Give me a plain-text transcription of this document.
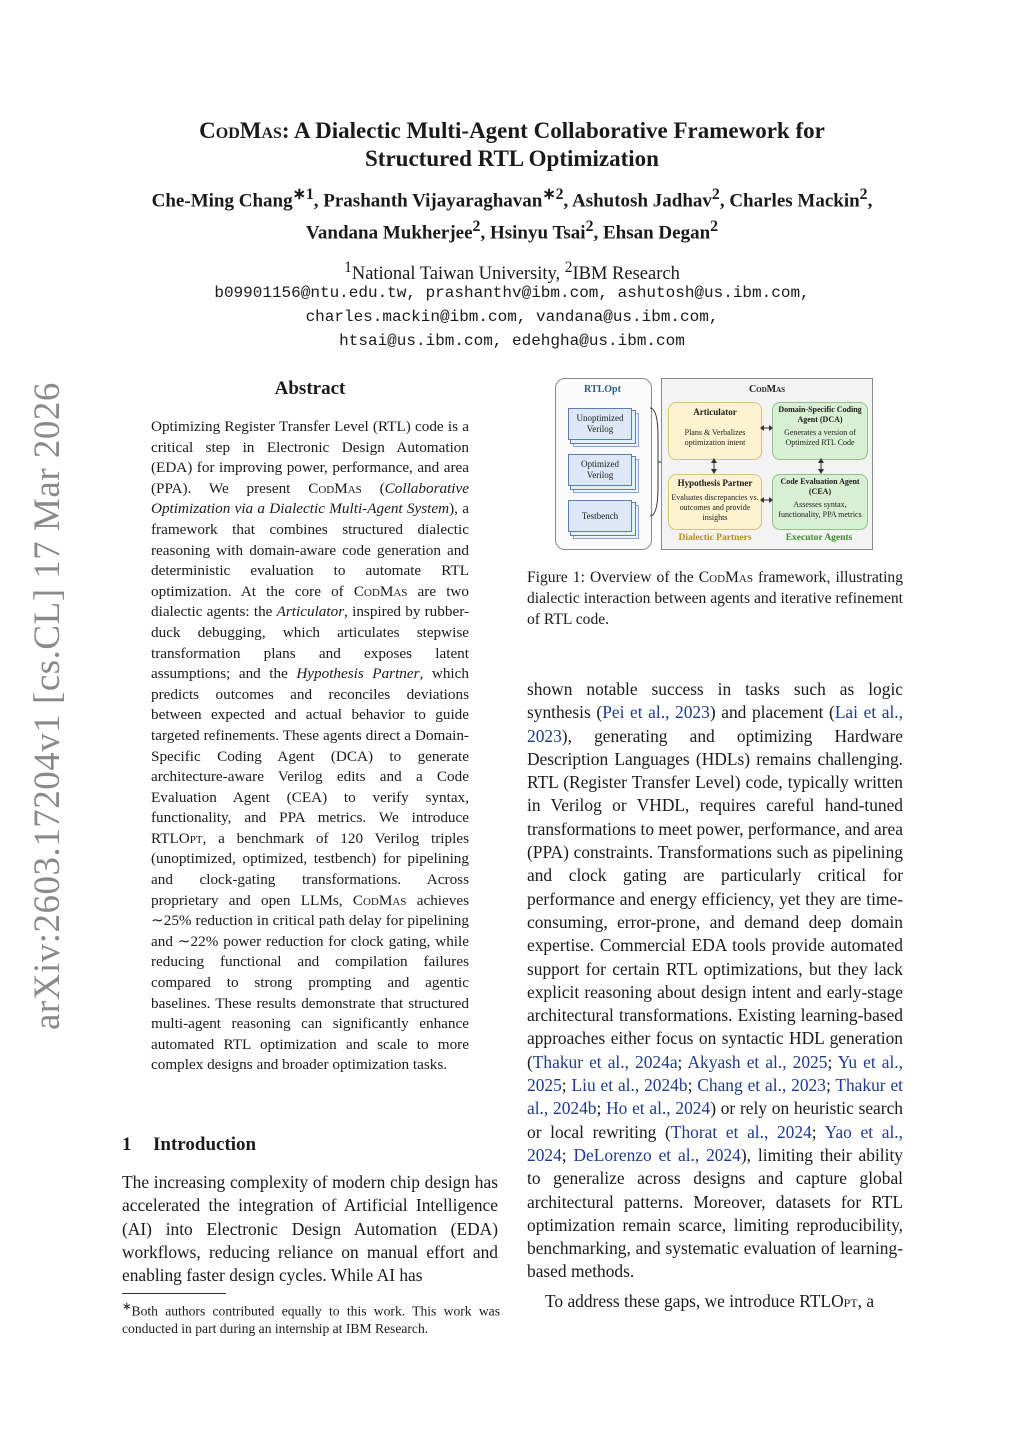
arXiv:2603.17204v1 [cs.CL] 17 Mar 2026
CodMas: A Dialectic Multi-Agent Collaborative Framework for
Structured RTL Optimization
Che-Ming Chang$^{∗1}$, Prashanth Vijayaraghavan$^{∗2}$, Ashutosh Jadhav$^2$, Charles Mackin$^2$,
Vandana Mukherjee$^2$, Hsinyu Tsai$^2$, Ehsan Degan$^2$
$^1$National Taiwan University, $^2$IBM Research
b09901156@ntu.edu.tw, prashanthv@ibm.com, ashutosh@us.ibm.com,
charles.mackin@ibm.com, vandana@us.ibm.com,
htsai@us.ibm.com, edehgha@us.ibm.com
Abstract
Optimizing Register Transfer Level (RTL) code is a critical step in Electronic Design Automation (EDA) for improving power, performance, and area (PPA). We present CodMas (Collaborative Optimization via a Dialectic Multi-Agent System), a framework that combines structured dialectic reasoning with domain-aware code generation and deterministic evaluation to automate RTL optimization. At the core of CodMas are two dialectic agents: the Articulator, inspired by rubber-duck debugging, which articulates stepwise transformation plans and exposes latent assumptions; and the Hypothesis Partner, which predicts outcomes and reconciles deviations between expected and actual behavior to guide targeted refinements. These agents direct a Domain-Specific Coding Agent (DCA) to generate architecture-aware Verilog edits and a Code Evaluation Agent (CEA) to verify syntax, functionality, and PPA metrics. We introduce RTLOpt, a benchmark of 120 Verilog triples (unoptimized, optimized, testbench) for pipelining and clock-gating transformations. Across proprietary and open LLMs, CodMas achieves ∼25% reduction in critical path delay for pipelining and ∼22% power reduction for clock gating, while reducing functional and compilation failures compared to strong prompting and agentic baselines. These results demonstrate that structured multi-agent reasoning can significantly enhance automated RTL optimization and scale to more complex designs and broader optimization tasks.
1 Introduction
The increasing complexity of modern chip design has accelerated the integration of Artificial Intelligence (AI) into Electronic Design Automation (EDA) workflows, reducing reliance on manual effort and enabling faster design cycles. While AI has
∗Both authors contributed equally to this work. This work was conducted in part during an internship at IBM Research.
RTLOpt
Unoptimized Verilog
Optimized Verilog
Testbench
CodMas
Articulator
Plans & Verbalizes optimization intent
Domain-Specific Coding Agent (DCA)
Generates a version of Optimized RTL Code
Hypothesis Partner
Evaluates discrepancies vs. outcomes and provide insights
Code Evaluation Agent (CEA)
Assesses syntax, functionality, PPA metrics
Dialectic Partners	Executor Agents
Figure 1: Overview of the CodMas framework, illustrating dialectic interaction between agents and iterative refinement of RTL code.

shown notable success in tasks such as logic synthesis (Pei et al., 2023) and placement (Lai et al., 2023), generating and optimizing Hardware Description Languages (HDLs) remains challenging. RTL (Register Transfer Level) code, typically written in Verilog or VHDL, requires careful hand-tuned transformations to meet power, performance, and area (PPA) constraints. Transformations such as pipelining and clock gating are particularly critical for performance and energy efficiency, yet they are time-consuming, error-prone, and demand deep domain expertise. Commercial EDA tools provide automated support for certain RTL optimizations, but they lack explicit reasoning about design intent and early-stage architectural transformations. Existing learning-based approaches either focus on syntactic HDL generation (Thakur et al., 2024a; Akyash et al., 2025; Yu et al., 2025; Liu et al., 2024b; Chang et al., 2023; Thakur et al., 2024b; Ho et al., 2024) or rely on heuristic search or local rewriting (Thorat et al., 2024; Yao et al., 2024; DeLorenzo et al., 2024), limiting their ability to generalize across designs and capture global architectural patterns. Moreover, datasets for RTL optimization remain scarce, limiting reproducibility, benchmarking, and systematic evaluation of learning-based methods.

To address these gaps, we introduce RTLOpt, a
